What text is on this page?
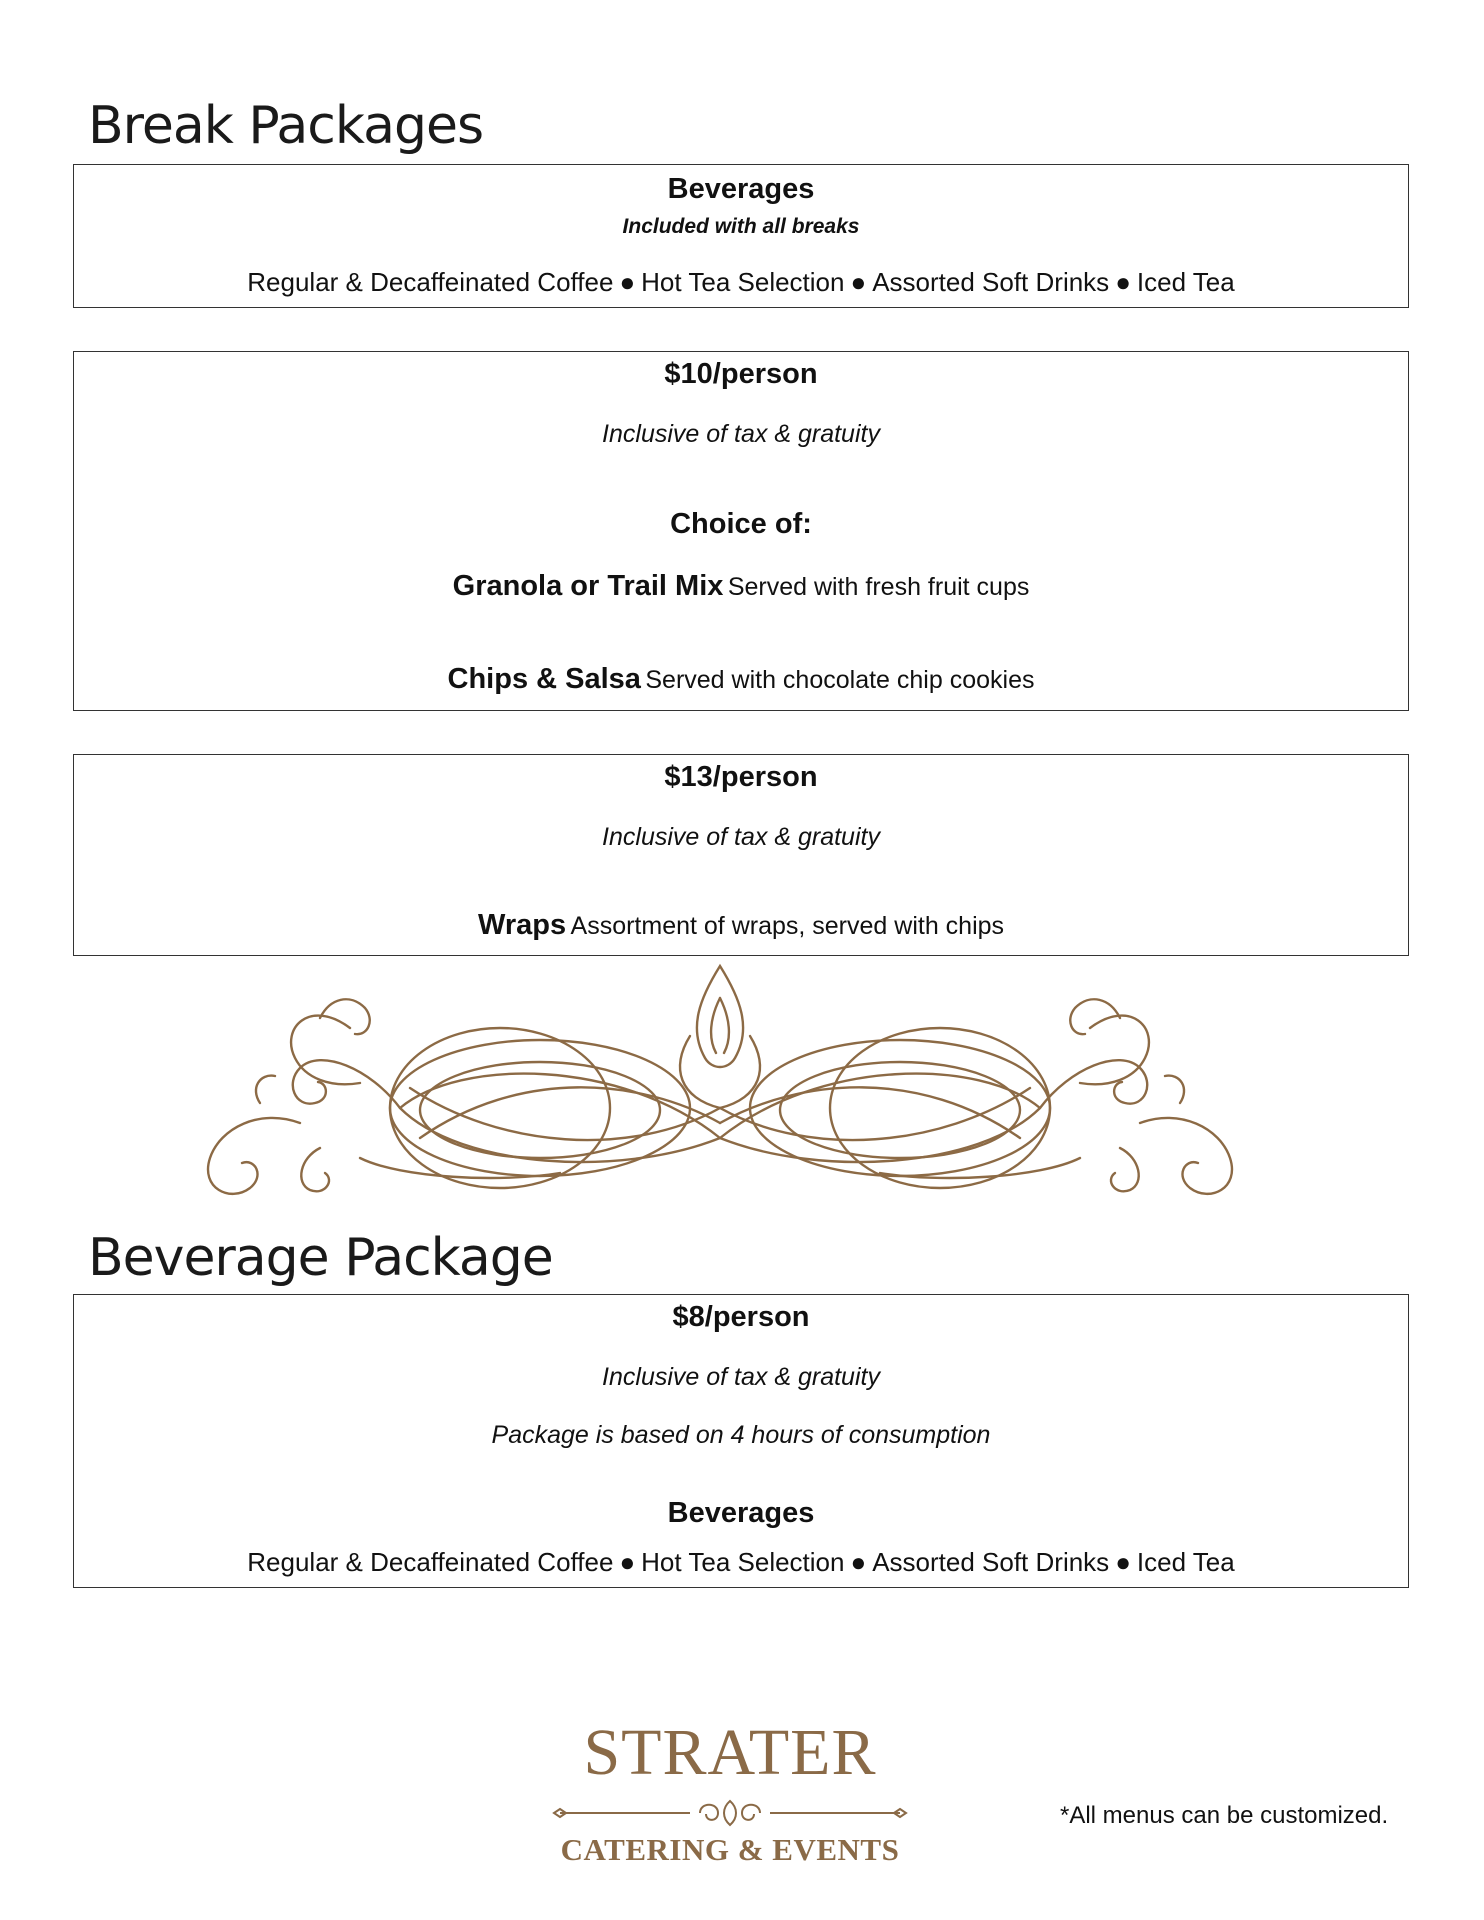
Break Packages
Beverages
Included with all breaks
Regular & Decaffeinated Coffee ● Hot Tea Selection ● Assorted Soft Drinks ● Iced Tea
$10/person
Inclusive of tax & gratuity
Choice of:
Granola or Trail Mix Served with fresh fruit cups
Chips & Salsa Served with chocolate chip cookies
$13/person
Inclusive of tax & gratuity
Wraps Assortment of wraps, served with chips
Beverage Package
$8/person
Inclusive of tax & gratuity
Package is based on 4 hours of consumption
Beverages
Regular & Decaffeinated Coffee ● Hot Tea Selection ● Assorted Soft Drinks ● Iced Tea
STRATER
CATERING & EVENTS
*All menus can be customized.
